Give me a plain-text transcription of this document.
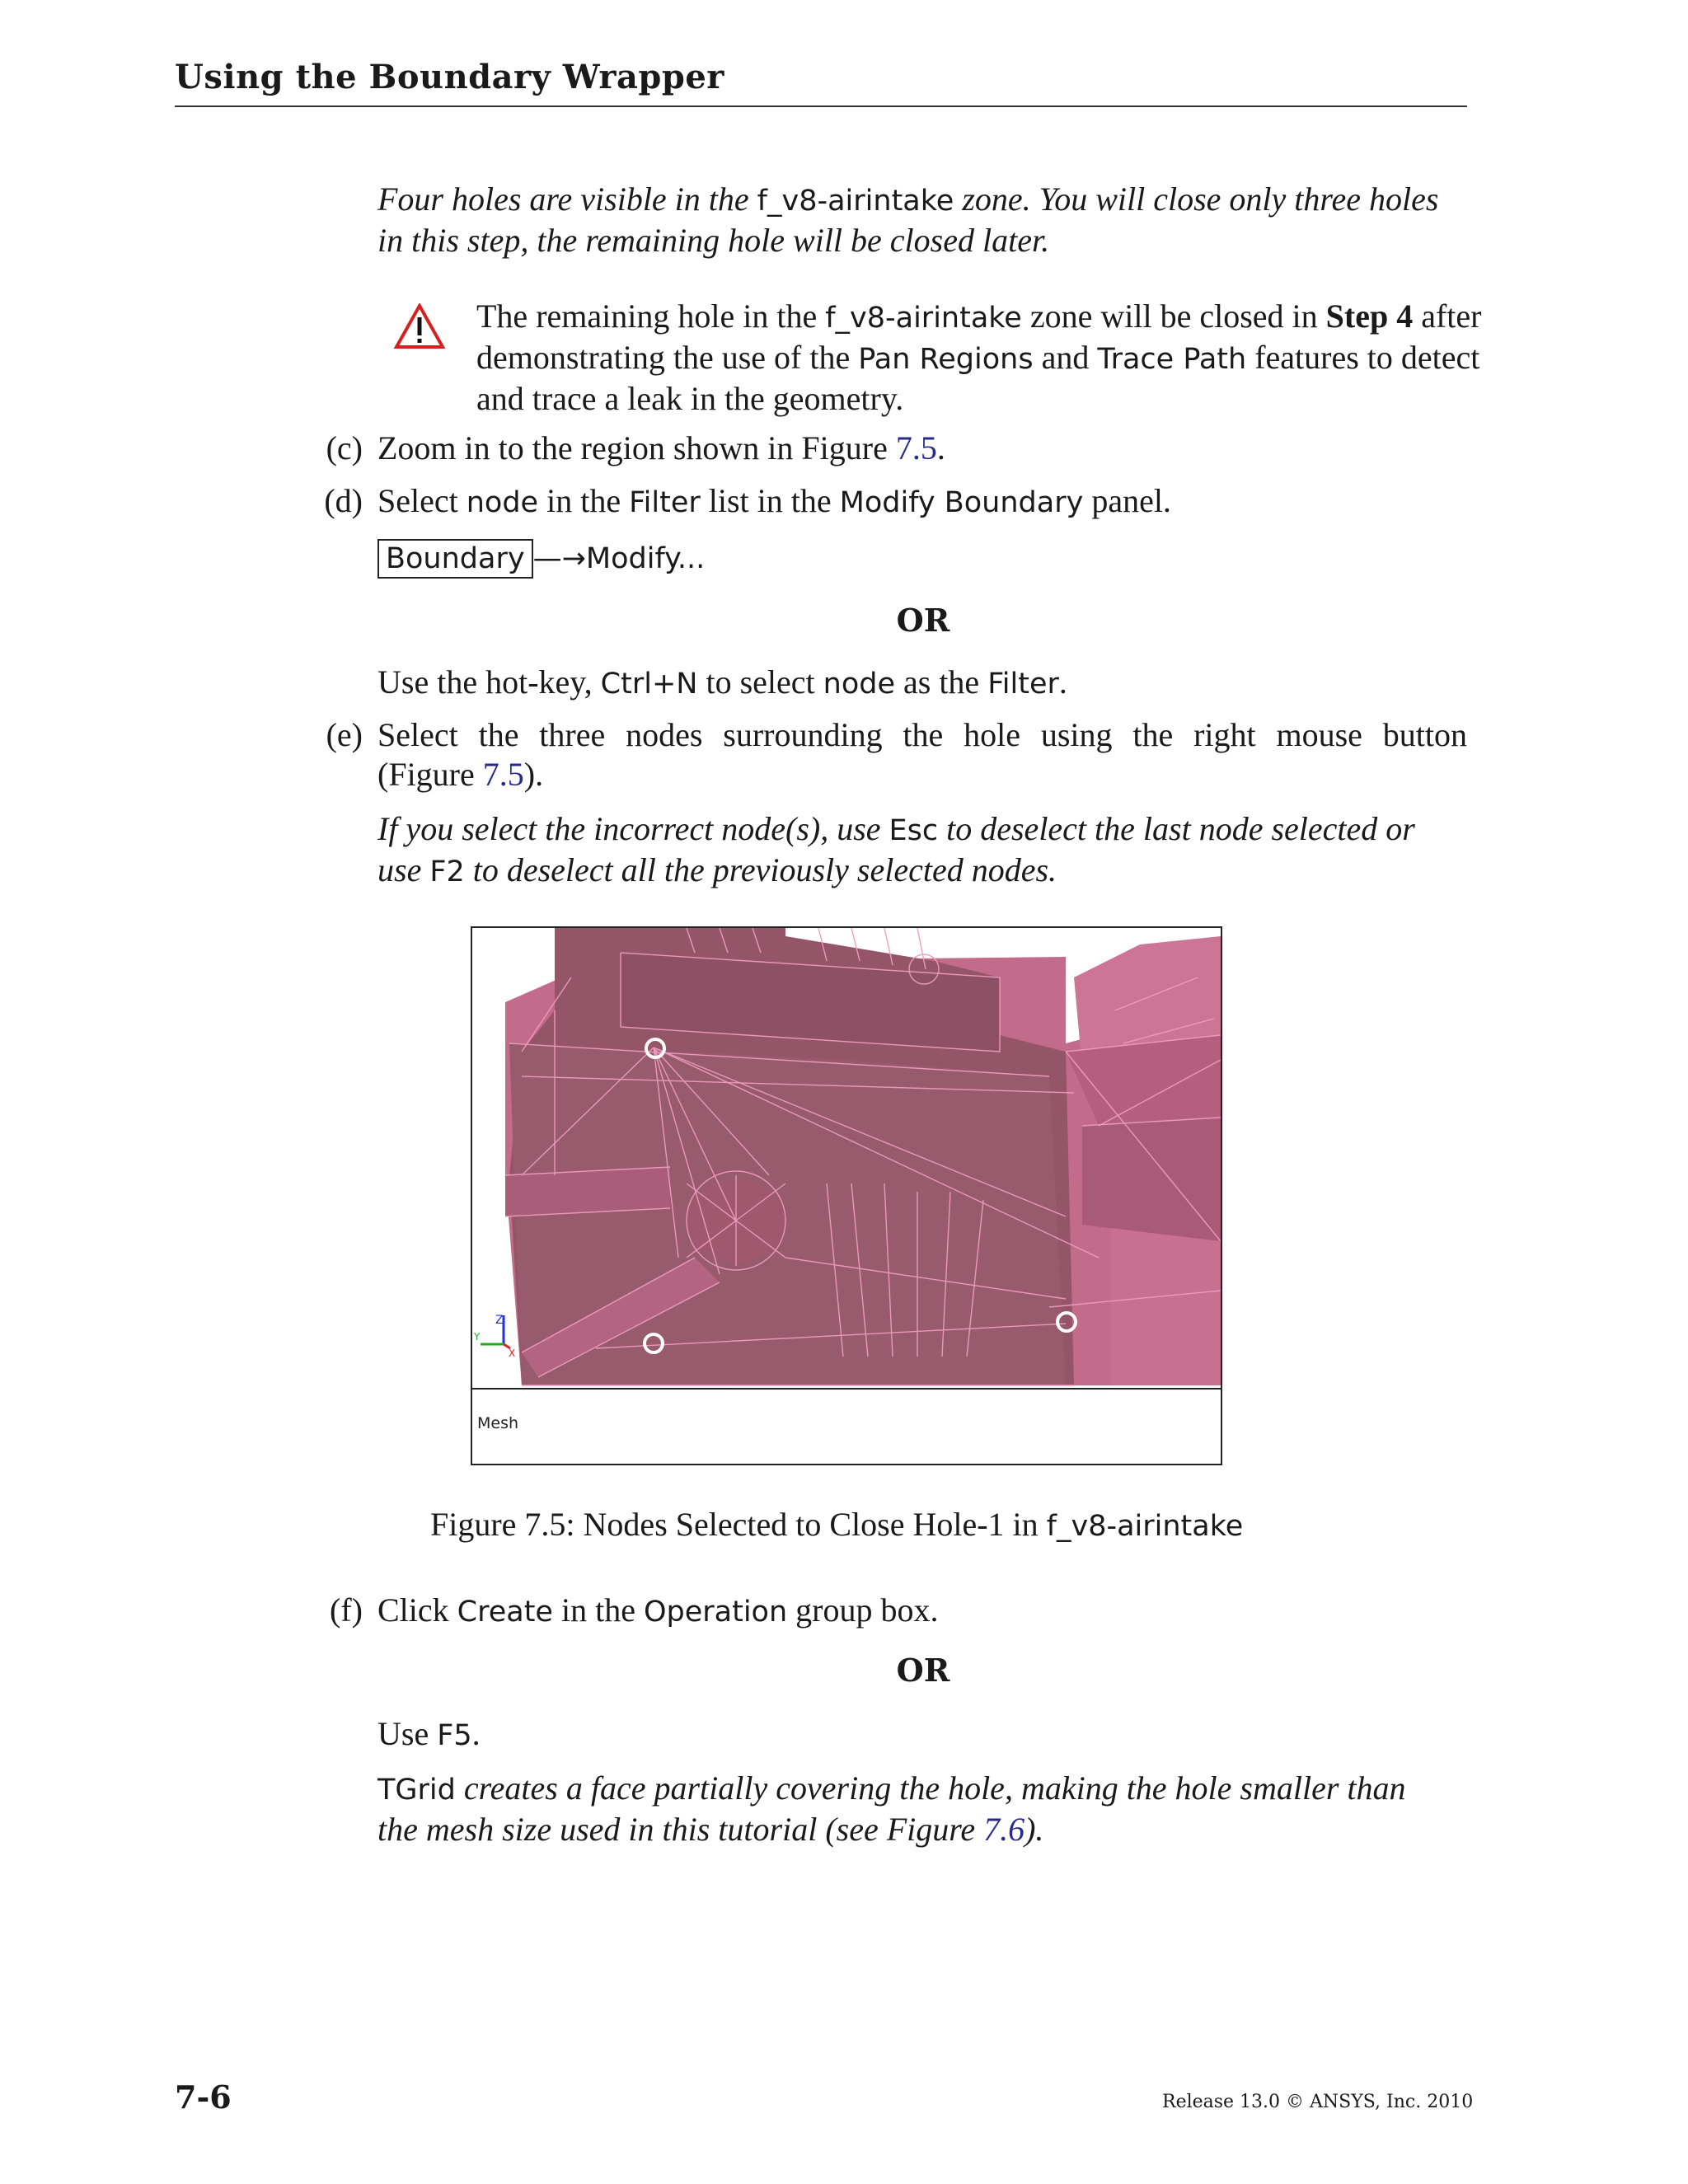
Using the Boundary Wrapper
Four holes are visible in the f_v8-airintake zone. You will close only three holes
in this step, the remaining hole will be closed later.
The remaining hole in the f_v8-airintake zone will be closed in Step 4 after
demonstrating the use of the Pan Regions and Trace Path features to detect
and trace a leak in the geometry.
(c) Zoom in to the region shown in Figure 7.5.
(d) Select node in the Filter list in the Modify Boundary panel.
Boundary —→Modify...
OR
Use the hot-key, Ctrl+N to select node as the Filter.
(e) Select the three nodes surrounding the hole using the right mouse button
(Figure 7.5).
If you select the incorrect node(s), use Esc to deselect the last node selected or
use F2 to deselect all the previously selected nodes.
Z
Y
X
Mesh
Figure 7.5: Nodes Selected to Close Hole-1 in f_v8-airintake
(f) Click Create in the Operation group box.
OR
Use F5.
TGrid creates a face partially covering the hole, making the hole smaller than
the mesh size used in this tutorial (see Figure 7.6).
7-6	Release 13.0 © ANSYS, Inc. 2010
